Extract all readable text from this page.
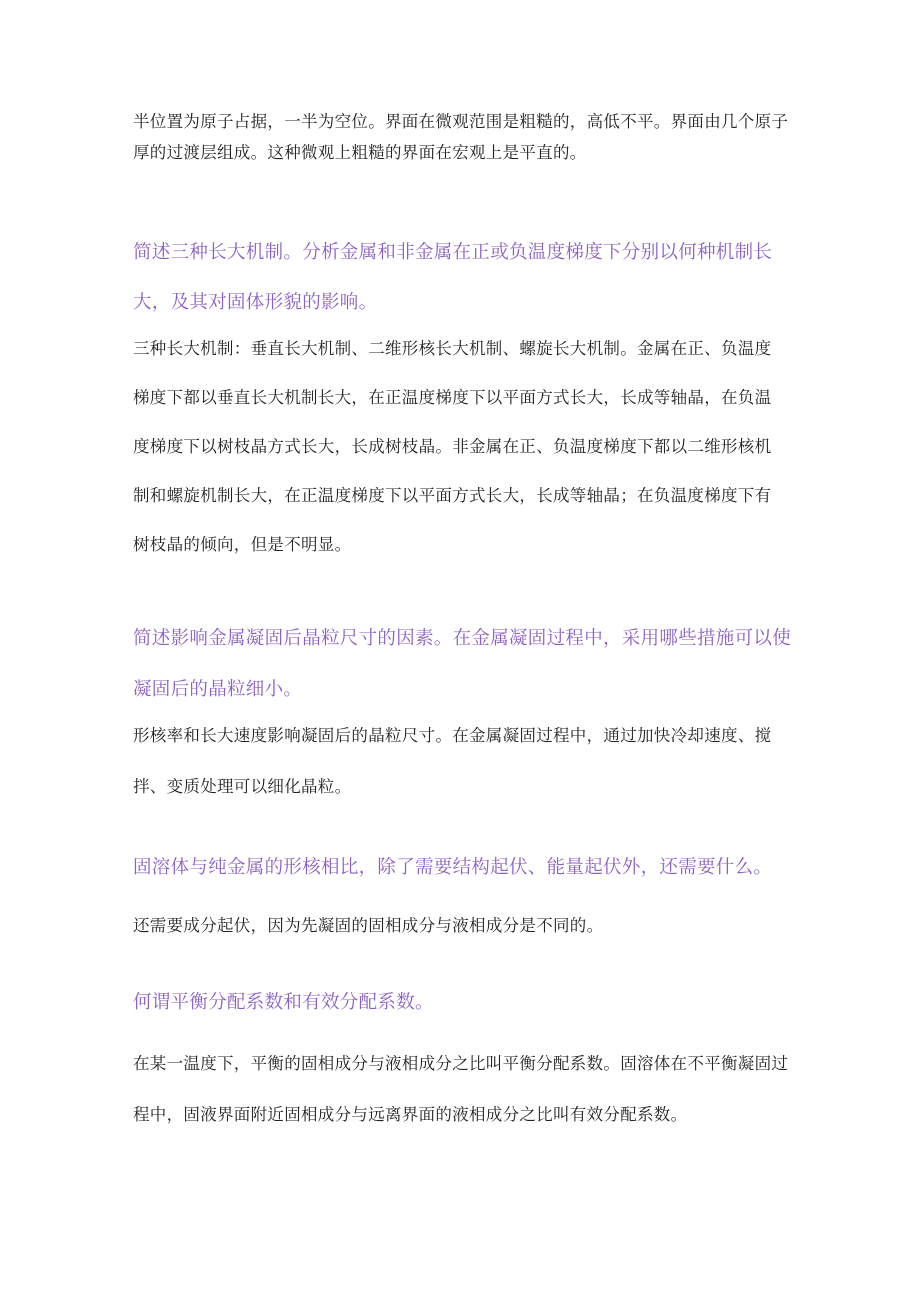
半位置为原子占据，一半为空位。界面在微观范围是粗糙的，高低不平。界面由几个原子
厚的过渡层组成。这种微观上粗糙的界面在宏观上是平直的。

简述三种长大机制。分析金属和非金属在正或负温度梯度下分别以何种机制长
大，及其对固体形貌的影响。

三种长大机制：垂直长大机制、二维形核长大机制、螺旋长大机制。金属在正、负温度
梯度下都以垂直长大机制长大，在正温度梯度下以平面方式长大，长成等轴晶，在负温
度梯度下以树枝晶方式长大，长成树枝晶。非金属在正、负温度梯度下都以二维形核机
制和螺旋机制长大，在正温度梯度下以平面方式长大，长成等轴晶；在负温度梯度下有
树枝晶的倾向，但是不明显。

简述影响金属凝固后晶粒尺寸的因素。在金属凝固过程中，采用哪些措施可以使
凝固后的晶粒细小。

形核率和长大速度影响凝固后的晶粒尺寸。在金属凝固过程中，通过加快冷却速度、搅
拌、变质处理可以细化晶粒。

固溶体与纯金属的形核相比，除了需要结构起伏、能量起伏外，还需要什么。

还需要成分起伏，因为先凝固的固相成分与液相成分是不同的。

何谓平衡分配系数和有效分配系数。

在某一温度下，平衡的固相成分与液相成分之比叫平衡分配系数。固溶体在不平衡凝固过
程中，固液界面附近固相成分与远离界面的液相成分之比叫有效分配系数。
